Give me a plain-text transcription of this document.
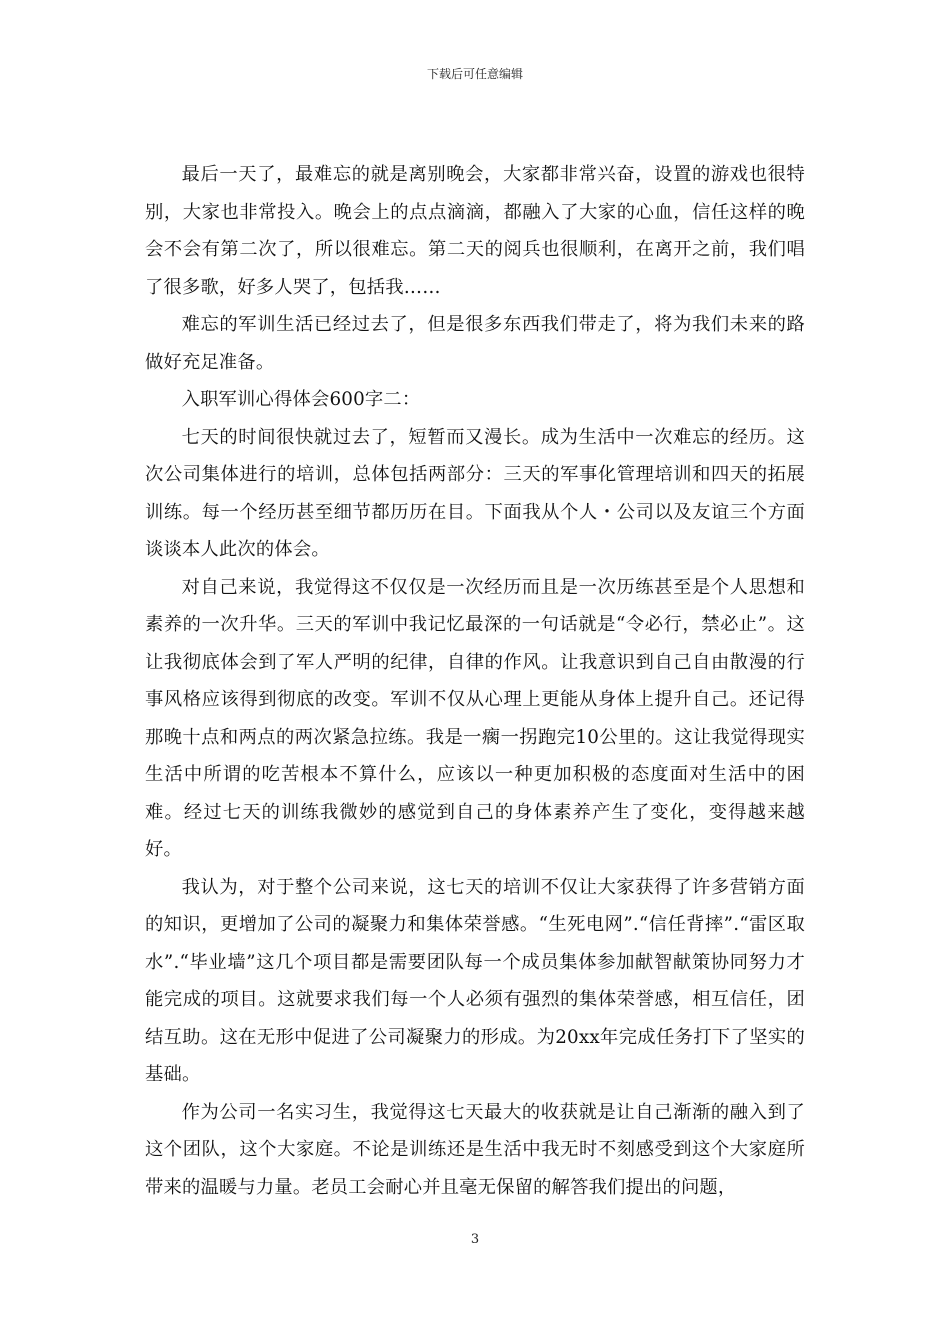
下载后可任意编辑

最后一天了，最难忘的就是离别晚会，大家都非常兴奋，设置的游戏也很特别，大家也非常投入。晚会上的点点滴滴，都融入了大家的心血，信任这样的晚会不会有第二次了，所以很难忘。第二天的阅兵也很顺利，在离开之前，我们唱了很多歌，好多人哭了，包括我……

难忘的军训生活已经过去了，但是很多东西我们带走了，将为我们未来的路做好充足准备。

入职军训心得体会600字二：

七天的时间很快就过去了，短暂而又漫长。成为生活中一次难忘的经历。这次公司集体进行的培训，总体包括两部分：三天的军事化管理培训和四天的拓展训练。每一个经历甚至细节都历历在目。下面我从个人・公司以及友谊三个方面谈谈本人此次的体会。

对自己来说，我觉得这不仅仅是一次经历而且是一次历练甚至是个人思想和素养的一次升华。三天的军训中我记忆最深的一句话就是“令必行，禁必止”。这让我彻底体会到了军人严明的纪律，自律的作风。让我意识到自己自由散漫的行事风格应该得到彻底的改变。军训不仅从心理上更能从身体上提升自己。还记得那晚十点和两点的两次紧急拉练。我是一瘸一拐跑完10公里的。这让我觉得现实生活中所谓的吃苦根本不算什么，应该以一种更加积极的态度面对生活中的困难。经过七天的训练我微妙的感觉到自己的身体素养产生了变化，变得越来越好。

我认为，对于整个公司来说，这七天的培训不仅让大家获得了许多营销方面的知识，更增加了公司的凝聚力和集体荣誉感。“生死电网”.“信任背摔”.“雷区取水”.“毕业墙”这几个项目都是需要团队每一个成员集体参加献智献策协同努力才能完成的项目。这就要求我们每一个人必须有强烈的集体荣誉感，相互信任，团结互助。这在无形中促进了公司凝聚力的形成。为20xx年完成任务打下了坚实的基础。

作为公司一名实习生，我觉得这七天最大的收获就是让自己渐渐的融入到了这个团队，这个大家庭。不论是训练还是生活中我无时不刻感受到这个大家庭所带来的温暖与力量。老员工会耐心并且毫无保留的解答我们提出的问题，

3
